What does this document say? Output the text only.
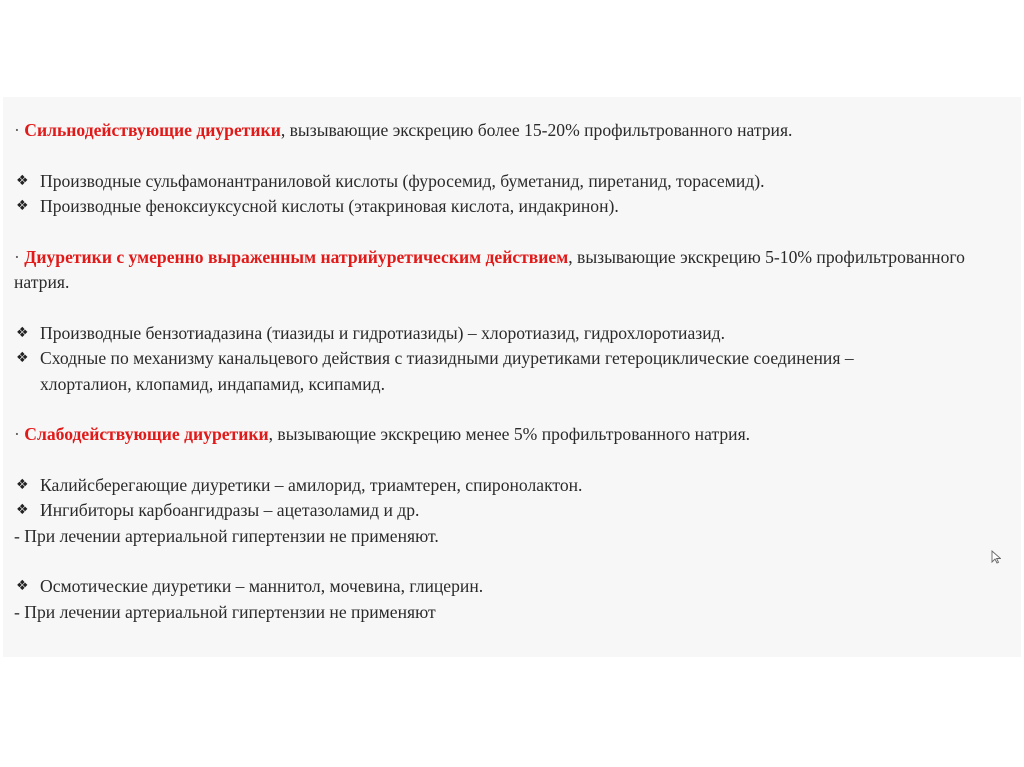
· Сильнодействующие диуретики, вызывающие экскрецию более 15-20% профильтрованного натрия.

❖ Производные сульфамонантраниловой кислоты (фуросемид, буметанид, пиретанид, торасемид).
❖ Производные феноксиуксусной кислоты (этакриновая кислота, индакринон).

· Диуретики с умеренно выраженным натрийуретическим действием, вызывающие экскрецию 5-10% профильтрованного натрия.

❖ Производные бензотиадазина (тиазиды и гидротиазиды) – хлоротиазид, гидрохлоротиазид.
❖ Сходные по механизму канальцевого действия с тиазидными диуретиками гетероциклические соединения – хлорталион, клопамид, индапамид, ксипамид.

· Слабодействующие диуретики, вызывающие экскрецию менее 5% профильтрованного натрия.

❖ Калийсберегающие диуретики – амилорид, триамтерен, спиронолактон.
❖ Ингибиторы карбоангидразы – ацетазоламид и др.

- При лечении артериальной гипертензии не применяют.

❖ Осмотические диуретики – маннитол, мочевина, глицерин.

- При лечении артериальной гипертензии не применяют
